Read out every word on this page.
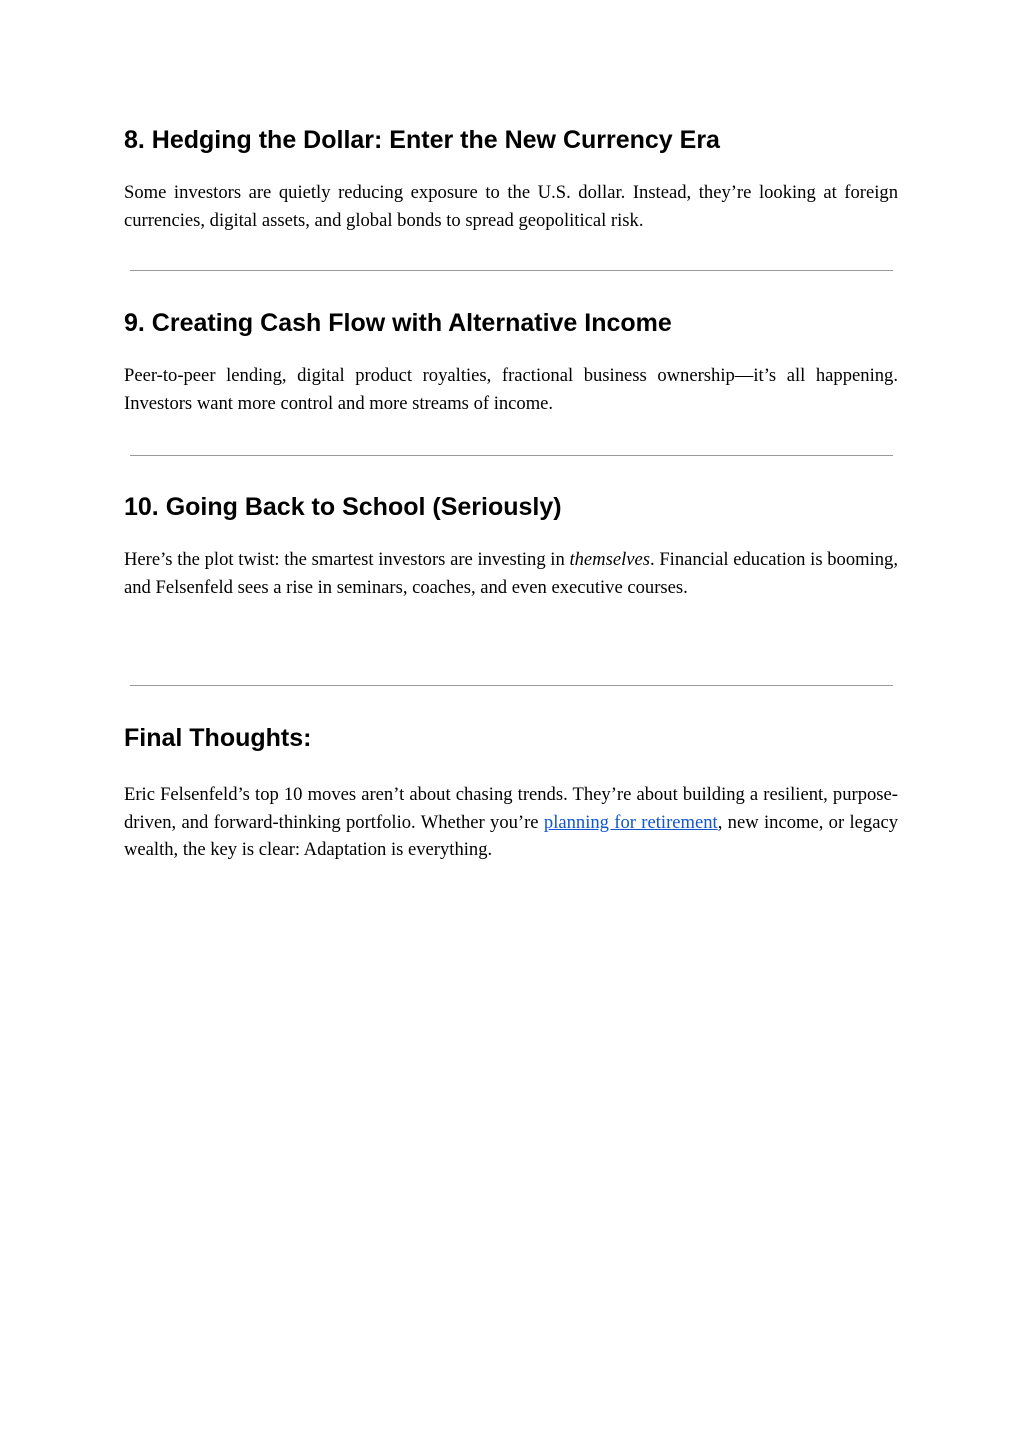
8. Hedging the Dollar: Enter the New Currency Era

Some investors are quietly reducing exposure to the U.S. dollar. Instead, they’re looking at foreign currencies, digital assets, and global bonds to spread geopolitical risk.

9. Creating Cash Flow with Alternative Income

Peer-to-peer lending, digital product royalties, fractional business ownership—it’s all happening. Investors want more control and more streams of income.

10. Going Back to School (Seriously)

Here’s the plot twist: the smartest investors are investing in themselves. Financial education is booming, and Felsenfeld sees a rise in seminars, coaches, and even executive courses.

Final Thoughts:

Eric Felsenfeld’s top 10 moves aren’t about chasing trends. They’re about building a resilient, purpose-driven, and forward-thinking portfolio. Whether you’re planning for retirement, new income, or legacy wealth, the key is clear: Adaptation is everything.
